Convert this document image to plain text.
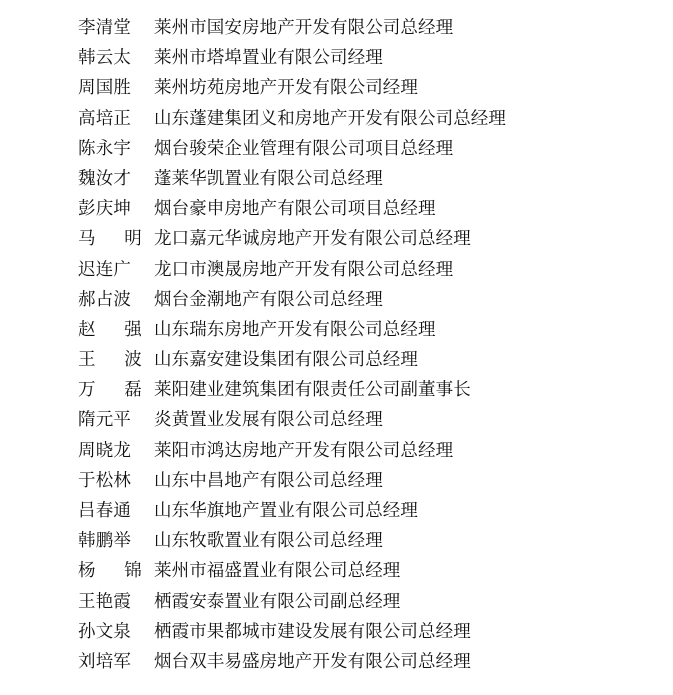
李清堂	莱州市国安房地产开发有限公司总经理
韩云太	莱州市塔埠置业有限公司经理
周国胜	莱州坊苑房地产开发有限公司经理
高培正	山东蓬建集团义和房地产开发有限公司总经理
陈永宇	烟台骏荣企业管理有限公司项目总经理
魏汝才	蓬莱华凯置业有限公司总经理
彭庆坤	烟台豪申房地产有限公司项目总经理
马 明 龙口嘉元华诚房地产开发有限公司总经理
迟连广	龙口市澳晟房地产开发有限公司总经理
郝占波	烟台金潮地产有限公司总经理
赵 强 山东瑞东房地产开发有限公司总经理
王 波 山东嘉安建设集团有限公司总经理
万 磊 莱阳建业建筑集团有限责任公司副董事长
隋元平	炎黄置业发展有限公司总经理
周晓龙	莱阳市鸿达房地产开发有限公司总经理
于松林	山东中昌地产有限公司总经理
吕春通	山东华旗地产置业有限公司总经理
韩鹏举	山东牧歌置业有限公司总经理
杨 锦 莱州市福盛置业有限公司总经理
王艳霞	栖霞安泰置业有限公司副总经理
孙文泉	栖霞市果都城市建设发展有限公司总经理
刘培军	烟台双丰易盛房地产开发有限公司总经理
